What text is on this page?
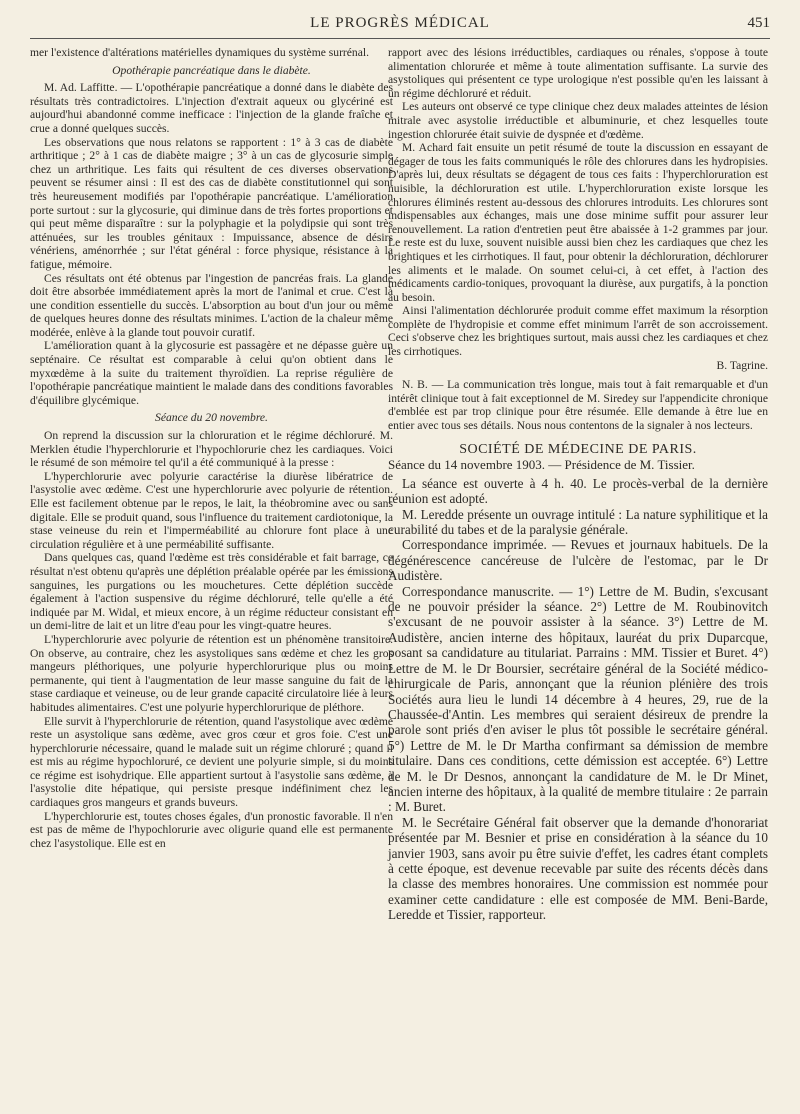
LE PROGRÈS MÉDICAL	451

mer l'existence d'altérations matérielles dynamiques du système surrénal.

Opothérapie pancréatique dans le diabète.

M. Ad. Laffitte. — L'opothérapie pancréatique a donné dans le diabète des résultats très contradictoires. L'injection d'extrait aqueux ou glycériné est aujourd'hui abandonné comme inefficace : l'injection de la glande fraîche et crue a donné quelques succès.

Les observations que nous relatons se rapportent : 1° à 3 cas de diabète arthritique ; 2° à 1 cas de diabète maigre ; 3° à un cas de glycosurie simple chez un arthritique. Les faits qui résultent de ces diverses observations peuvent se résumer ainsi : Il est des cas de diabète constitutionnel qui sont très heureusement modifiés par l'opothérapie pancréatique. L'amélioration porte surtout : sur la glycosurie, qui diminue dans de très fortes proportions et qui peut même disparaître : sur la polyphagie et la polydipsie qui sont très atténuées, sur les troubles génitaux : Impuissance, absence de désirs vénériens, aménorrhée ; sur l'état général : force physique, résistance à la fatigue, mémoire.

Ces résultats ont été obtenus par l'ingestion de pancréas frais. La glande doit être absorbée immédiatement après la mort de l'animal et crue. C'est là une condition essentielle du succès. L'absorption au bout d'un jour ou même de quelques heures donne des résultats minimes. L'action de la chaleur même modérée, enlève à la glande tout pouvoir curatif.

L'amélioration quant à la glycosurie est passagère et ne dépasse guère un septénaire. Ce résultat est comparable à celui qu'on obtient dans le myxœdème à la suite du traitement thyroïdien. La reprise régulière de l'opothérapie pancréatique maintient le malade dans des conditions favorables d'équilibre glycémique.

Séance du 20 novembre.

On reprend la discussion sur la chloruration et le régime déchloruré. M. Merklen étudie l'hyperchlorurie et l'hypochlorurie chez les cardiaques. Voici le résumé de son mémoire tel qu'il a été communiqué à la presse :

L'hyperchlorurie avec polyurie caractérise la diurèse libératrice de l'asystolie avec œdème. C'est une hyperchlorurie avec polyurie de rétention. Elle est facilement obtenue par le repos, le lait, la théobromine avec ou sans digitale. Elle se produit quand, sous l'influence du traitement cardiotonique, la stase veineuse du rein et l'imperméabilité au chlorure font place à une circulation régulière et à une perméabilité suffisante.

Dans quelques cas, quand l'œdème est très considérable et fait barrage, ce résultat n'est obtenu qu'après une déplétion préalable opérée par les émissions sanguines, les purgations ou les mouchetures. Cette déplétion succède également à l'action suspensive du régime déchloruré, telle qu'elle a été indiquée par M. Widal, et mieux encore, à un régime réducteur consistant en un demi-litre de lait et un litre d'eau pour les vingt-quatre heures.

L'hyperchlorurie avec polyurie de rétention est un phénomène transitoire. On observe, au contraire, chez les asystoliques sans œdème et chez les gros mangeurs pléthoriques, une polyurie hyperchlorurique plus ou moins permanente, qui tient à l'augmentation de leur masse sanguine du fait de la stase cardiaque et veineuse, ou de leur grande capacité circulatoire liée à leurs habitudes alimentaires. C'est une polyurie hyperchlorurique de pléthore.

Elle survit à l'hyperchlorurie de rétention, quand l'asystolique avec œdème reste un asystolique sans œdème, avec gros cœur et gros foie. C'est une hyperchlorurie nécessaire, quand le malade suit un régime chloruré ; quand il est mis au régime hypochloruré, ce devient une polyurie simple, si du moins ce régime est isohydrique. Elle appartient surtout à l'asystolie sans œdème, à l'asystolie dite hépatique, qui persiste presque indéfiniment chez les cardiaques gros mangeurs et grands buveurs.

L'hyperchlorurie est, toutes choses égales, d'un pronostic favorable. Il n'en est pas de même de l'hypochlorurie avec oligurie quand elle est permanente chez l'asystolique. Elle est en

rapport avec des lésions irréductibles, cardiaques ou rénales, s'oppose à toute alimentation chlorurée et même à toute alimentation suffisante. La survie des asystoliques qui présentent ce type urologique n'est possible qu'en les laissant à un régime déchloruré et réduit.

Les auteurs ont observé ce type clinique chez deux malades atteintes de lésion mitrale avec asystolie irréductible et albuminurie, et chez lesquelles toute ingestion chlorurée était suivie de dyspnée et d'œdème.

M. Achard fait ensuite un petit résumé de toute la discussion en essayant de dégager de tous les faits communiqués le rôle des chlorures dans les hydropisies. D'après lui, deux résultats se dégagent de tous ces faits : l'hyperchloruration est nuisible, la déchloruration est utile. L'hyperchloruration existe lorsque les chlorures éliminés restent au-dessous des chlorures introduits. Les chlorures sont indispensables aux échanges, mais une dose minime suffit pour assurer leur renouvellement. La ration d'entretien peut être abaissée à 1-2 grammes par jour. Le reste est du luxe, souvent nuisible aussi bien chez les cardiaques que chez les brightiques et les cirrhotiques. Il faut, pour obtenir la déchloruration, déchlorurer les aliments et le malade. On soumet celui-ci, à cet effet, à l'action des médicaments cardio-toniques, provoquant la diurèse, aux purgatifs, à la ponction au besoin.

Ainsi l'alimentation déchlorurée produit comme effet maximum la résorption complète de l'hydropisie et comme effet minimum l'arrêt de son accroissement. Ceci s'observe chez les brightiques surtout, mais aussi chez les cardiaques et chez les cirrhotiques.

B. Tagrine.

N. B. — La communication très longue, mais tout à fait remarquable et d'un intérêt clinique tout à fait exceptionnel de M. Siredey sur l'appendicite chronique d'emblée est par trop clinique pour être résumée. Elle demande à être lue en entier avec tous ses détails. Nous nous contentons de la signaler à nos lecteurs.

SOCIÉTÉ DE MÉDECINE DE PARIS.
Séance du 14 novembre 1903. — Présidence de M. Tissier.

La séance est ouverte à 4 h. 40. Le procès-verbal de la dernière réunion est adopté.

M. Leredde présente un ouvrage intitulé : La nature syphilitique et la curabilité du tabes et de la paralysie générale.

Correspondance imprimée. — Revues et journaux habituels. De la dégénérescence cancéreuse de l'ulcère de l'estomac, par le Dr Audistère.

Correspondance manuscrite. — 1°) Lettre de M. Budin, s'excusant de ne pouvoir présider la séance. 2°) Lettre de M. Roubinovitch s'excusant de ne pouvoir assister à la séance. 3°) Lettre de M. Audistère, ancien interne des hôpitaux, lauréat du prix Duparcque, posant sa candidature au titulariat. Parrains : MM. Tissier et Buret. 4°) Lettre de M. le Dr Boursier, secrétaire général de la Société médico-chirurgicale de Paris, annonçant que la réunion plénière des trois Sociétés aura lieu le lundi 14 décembre à 4 heures, 29, rue de la Chaussée-d'Antin. Les membres qui seraient désireux de prendre la parole sont priés d'en aviser le plus tôt possible le secrétaire général. 5°) Lettre de M. le Dr Martha confirmant sa démission de membre titulaire. Dans ces conditions, cette démission est acceptée. 6°) Lettre de M. le Dr Desnos, annonçant la candidature de M. le Dr Minet, ancien interne des hôpitaux, à la qualité de membre titulaire : 2e parrain : M. Buret.

M. le Secrétaire Général fait observer que la demande d'honorariat présentée par M. Besnier et prise en considération à la séance du 10 janvier 1903, sans avoir pu être suivie d'effet, les cadres étant complets à cette époque, est devenue recevable par suite des récents décès dans la classe des membres honoraires. Une commission est nommée pour examiner cette candidature : elle est composée de MM. Beni-Barde, Leredde et Tissier, rapporteur.
